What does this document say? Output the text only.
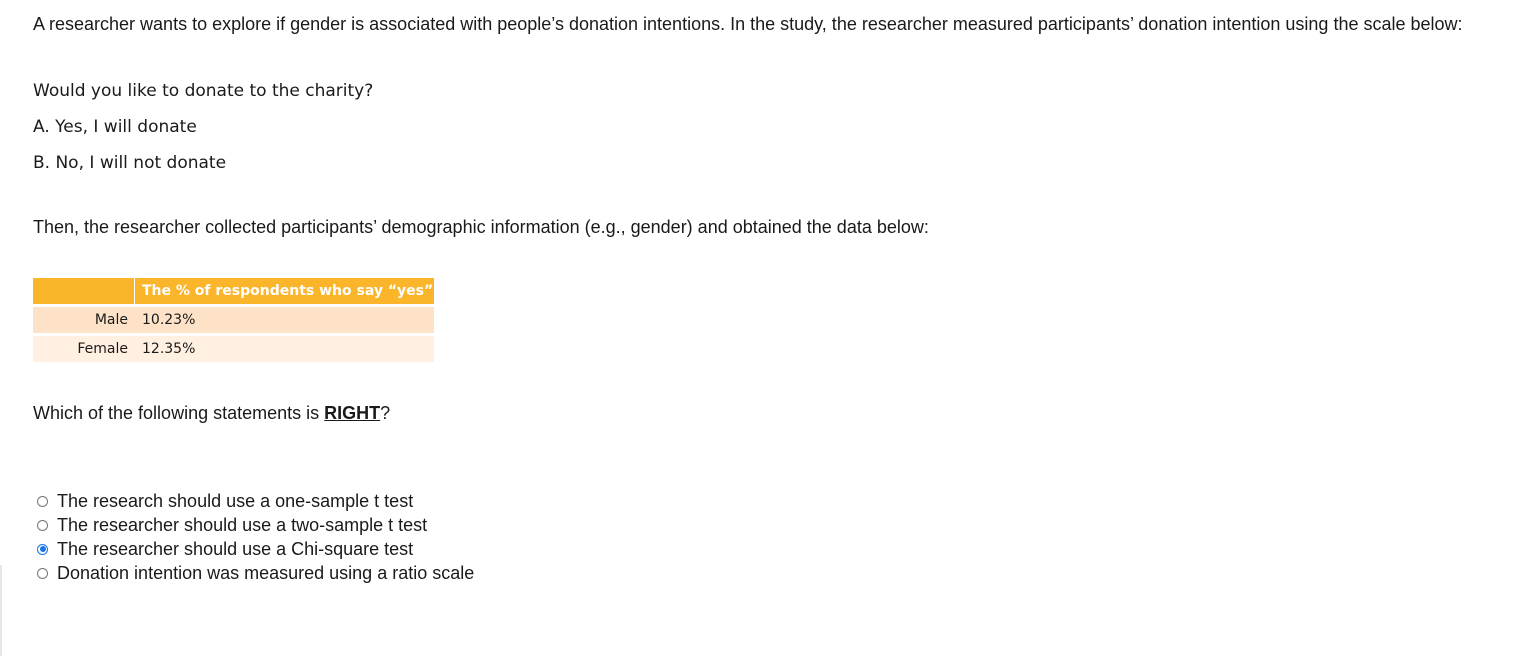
A researcher wants to explore if gender is associated with people’s donation intentions. In the study, the researcher measured participants’ donation intention using the scale below:
Would you like to donate to the charity?
A. Yes, I will donate
B. No, I will not donate
Then, the researcher collected participants’ demographic information (e.g., gender) and obtained the data below:
	The % of respondents who say “yes”
Male	10.23%
Female	12.35%
Which of the following statements is RIGHT?
The research should use a one-sample t test
The researcher should use a two-sample t test
The researcher should use a Chi-square test
Donation intention was measured using a ratio scale
